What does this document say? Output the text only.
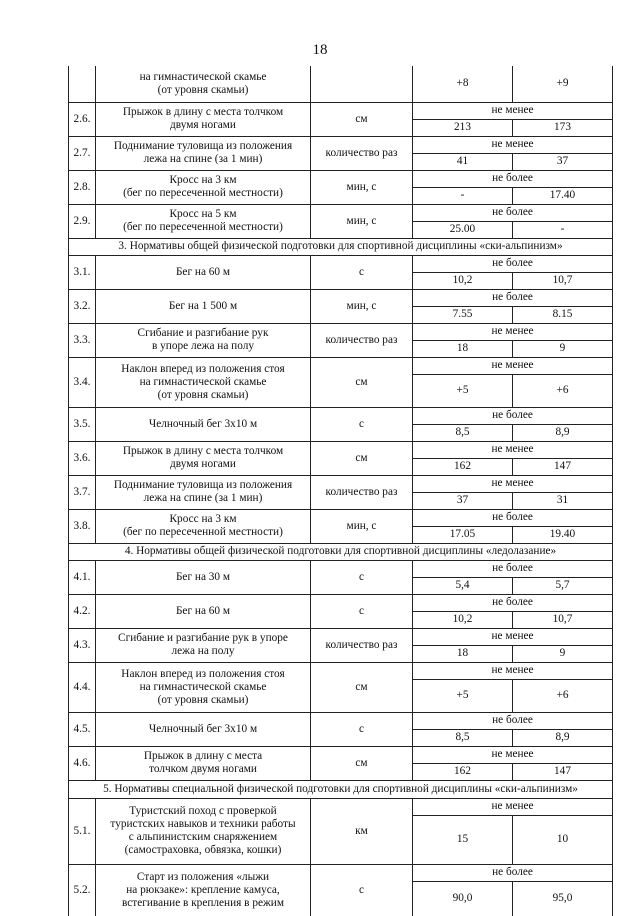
18

	на гимнастической скамье
(от уровня скамьи)		+8	+9
2.6.	Прыжок в длину с места толчком
двумя ногами	см	не менее	
			213	173
2.7.	Поднимание туловища из положения
лежа на спине (за 1 мин)	количество раз	не менее	
			41	37
2.8.	Кросс на 3 км
(бег по пересеченной местности)	мин, с	не более	
			-	17.40
2.9.	Кросс на 5 км
(бег по пересеченной местности)	мин, с	не более	
			25.00	-
3. Нормативы общей физической подготовки для спортивной дисциплины «ски-альпинизм»				
3.1.	Бег на 60 м	с	не более	
			10,2	10,7
3.2.	Бег на 1 500 м	мин, с	не более	
			7.55	8.15
3.3.	Сгибание и разгибание рук
в упоре лежа на полу	количество раз	не менее	
			18	9
3.4.	Наклон вперед из положения стоя
на гимнастической скамье
(от уровня скамьи)	см	не менее	
			+5	+6
3.5.	Челночный бег 3х10 м	с	не более	
			8,5	8,9
3.6.	Прыжок в длину с места толчком
двумя ногами	см	не менее	
			162	147
3.7.	Поднимание туловища из положения
лежа на спине (за 1 мин)	количество раз	не менее	
			37	31
3.8.	Кросс на 3 км
(бег по пересеченной местности)	мин, с	не более	
			17.05	19.40
4. Нормативы общей физической подготовки для спортивной дисциплины «ледолазание»				
4.1.	Бег на 30 м	с	не более	
			5,4	5,7
4.2.	Бег на 60 м	с	не более	
			10,2	10,7
4.3.	Сгибание и разгибание рук в упоре
лежа на полу	количество раз	не менее	
			18	9
4.4.	Наклон вперед из положения стоя
на гимнастической скамье
(от уровня скамьи)	см	не менее	
			+5	+6
4.5.	Челночный бег 3х10 м	с	не более	
			8,5	8,9
4.6.	Прыжок в длину с места
толчком двумя ногами	см	не менее	
			162	147
5. Нормативы специальной физической подготовки для спортивной дисциплины «ски-альпинизм»				
5.1.	Туристский поход с проверкой
туристских навыков и техники работы
с альпинистским снаряжением
(самостраховка, обвязка, кошки)	км	не менее	
			15	10
5.2.	Старт из положения «лыжи
на рюкзаке»: крепление камуса,
встегивание в крепления в режим	с	не более	
			90,0	95,0
